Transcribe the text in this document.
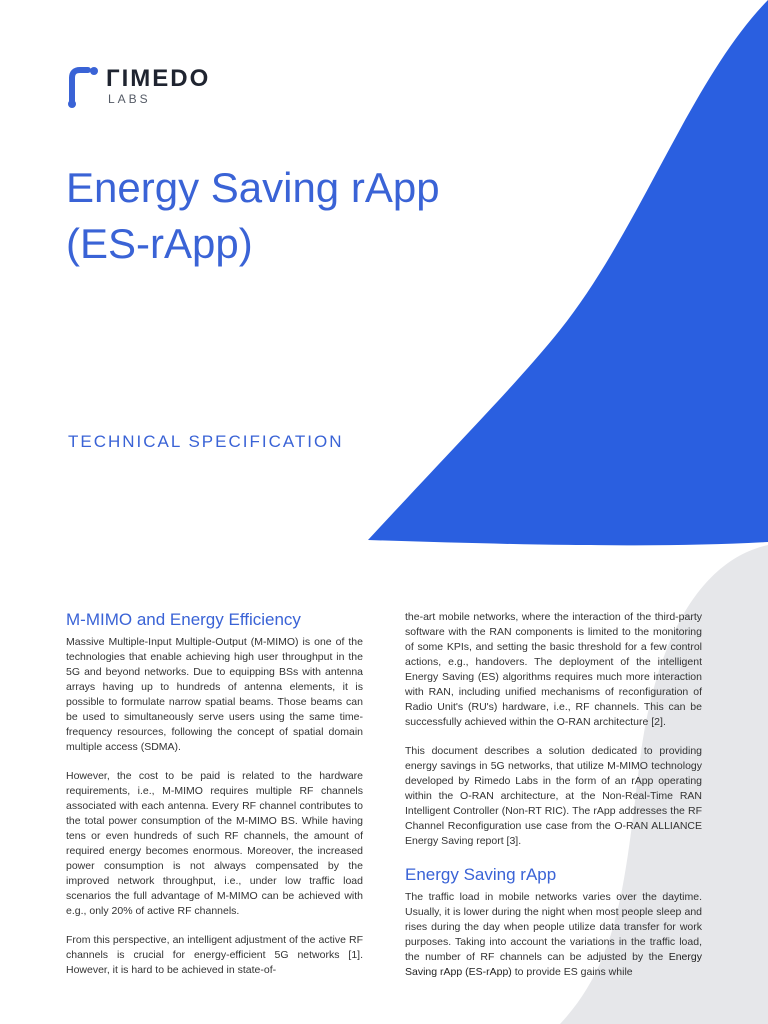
ГІMEDO
LABS
Energy Saving rApp
(ES-rApp)
TECHNICAL SPECIFICATION
M-MIMO and Energy Efficiency

Massive Multiple-Input Multiple-Output (M-MIMO) is one of the technologies that enable achieving high user throughput in the 5G and beyond networks. Due to equipping BSs with antenna arrays having up to hundreds of antenna elements, it is possible to formulate narrow spatial beams. Those beams can be used to simultaneously serve users using the same time-frequency resources, following the concept of spatial domain multiple access (SDMA).

However, the cost to be paid is related to the hardware requirements, i.e., M-MIMO requires multiple RF channels associated with each antenna. Every RF channel contributes to the total power consumption of the M-MIMO BS. While having tens or even hundreds of such RF channels, the amount of required energy becomes enormous. Moreover, the increased power consumption is not always compensated by the improved network throughput, i.e., under low traffic load scenarios the full advantage of M-MIMO can be achieved with e.g., only 20% of active RF channels.

From this perspective, an intelligent adjustment of the active RF channels is crucial for energy-efficient 5G networks [1]. However, it is hard to be achieved in state-of-

the-art mobile networks, where the interaction of the third-party software with the RAN components is limited to the monitoring of some KPIs, and setting the basic threshold for a few control actions, e.g., handovers. The deployment of the intelligent Energy Saving (ES) algorithms requires much more interaction with RAN, including unified mechanisms of reconfiguration of Radio Unit's (RU's) hardware, i.e., RF channels. This can be successfully achieved within the O-RAN architecture [2].

This document describes a solution dedicated to providing energy savings in 5G networks, that utilize M-MIMO technology developed by Rimedo Labs in the form of an rApp operating within the O-RAN architecture, at the Non-Real-Time RAN Intelligent Controller (Non-RT RIC). The rApp addresses the RF Channel Reconfiguration use case from the O-RAN ALLIANCE Energy Saving report [3].

Energy Saving rApp

The traffic load in mobile networks varies over the daytime. Usually, it is lower during the night when most people sleep and rises during the day when people utilize data transfer for work purposes. Taking into account the variations in the traffic load, the number of RF channels can be adjusted by the Energy Saving rApp (ES-rApp) to provide ES gains while
